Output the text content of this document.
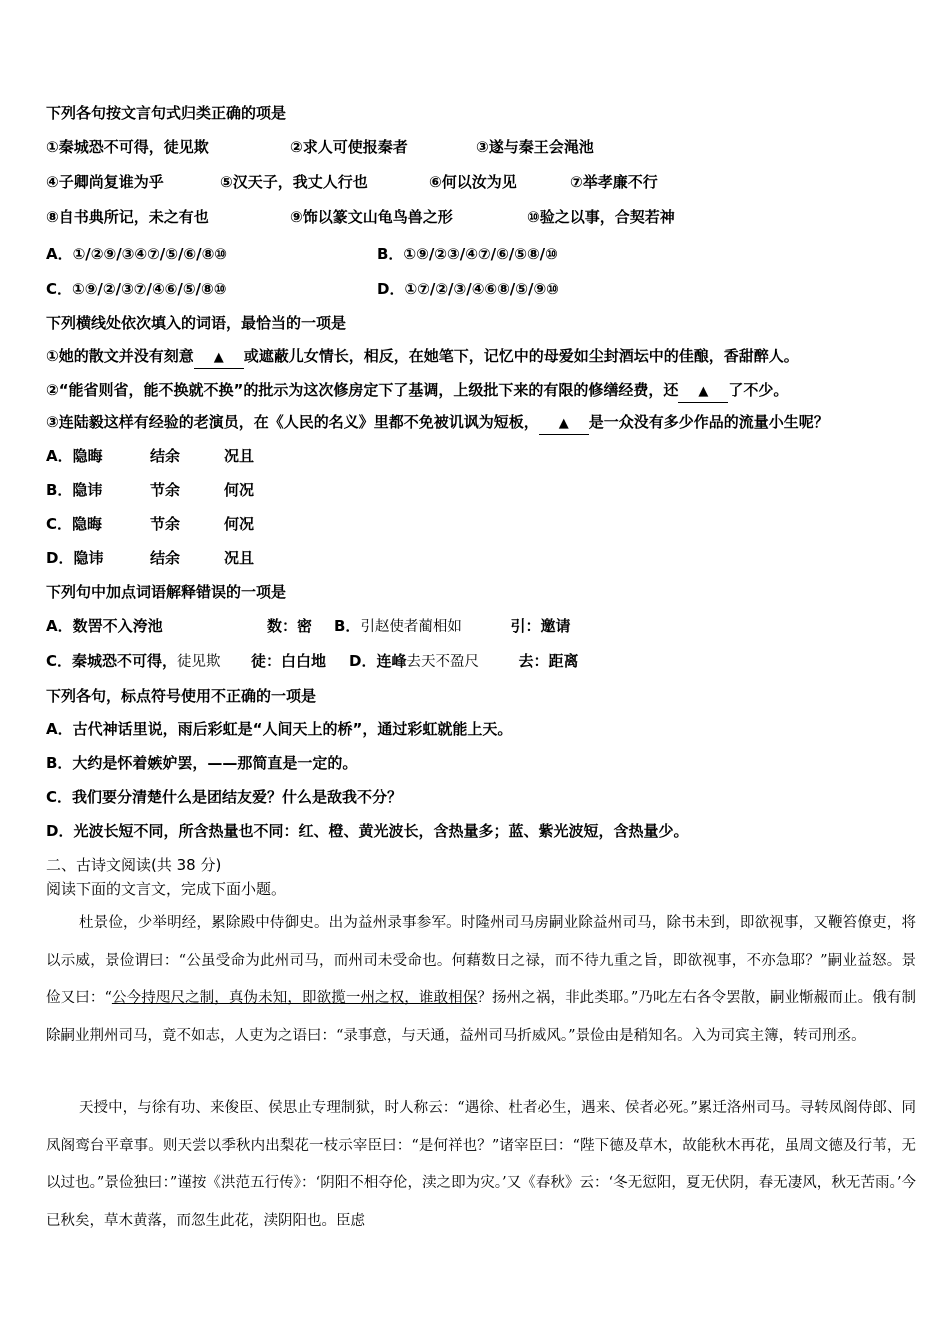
下列各句按文言句式归类正确的项是
①秦城恐不可得，徒见欺	②求人可使报秦者	③遂与秦王会渑池
④子卿尚复谁为乎	⑤汉天子，我丈人行也	⑥何以汝为见	⑦举孝廉不行
⑧自书典所记，未之有也	⑨饰以篆文山龟鸟兽之形	⑩验之以事，合契若神
A．①/②⑨/③④⑦/⑤/⑥/⑧⑩	B．①⑨/②③/④⑦/⑥/⑤⑧/⑩
C．①⑨/②/③⑦/④⑥/⑤/⑧⑩	D．①⑦/②/③/④⑥⑧/⑤/⑨⑩
下列横线处依次填入的词语，最恰当的一项是
①她的散文并没有刻意 ▲ 或遮蔽儿女情长，相反，在她笔下，记忆中的母爱如尘封酒坛中的佳酿，香甜醉人。
②“能省则省，能不换就不换”的批示为这次修房定下了基调，上级批下来的有限的修缮经费，还 ▲ 了不少。
③连陆毅这样有经验的老演员，在《人民的名义》里都不免被讥讽为短板， ▲ 是一众没有多少作品的流量小生呢？
A．隐晦	结余	况且
B．隐讳	节余	何况
C．隐晦	节余	何况
D．隐讳	结余	况且
下列句中加点词语解释错误的一项是
A．数罟不入洿池	数：密 B．引赵使者蔺相如	引：邀请
C．秦城恐不可得，徒见欺 徒：白白地 D．连峰去天不盈尺	去：距离
下列各句，标点符号使用不正确的一项是
A．古代神话里说，雨后彩虹是“人间天上的桥”，通过彩虹就能上天。
B．大约是怀着嫉妒罢，——那简直是一定的。
C．我们要分清楚什么是团结友爱？什么是敌我不分？
D．光波长短不同，所含热量也不同：红、橙、黄光波长，含热量多；蓝、紫光波短，含热量少。
二、古诗文阅读(共 38 分)
阅读下面的文言文，完成下面小题。
杜景俭，少举明经，累除殿中侍御史。出为益州录事参军。时隆州司马房嗣业除益州司马，除书未到，即欲视事，又鞭笞僚吏，将以示威，景俭谓曰：“公虽受命为此州司马，而州司未受命也。何藉数日之禄，而不待九重之旨，即欲视事，不亦急耶？”嗣业益怒。景俭又曰：“公今持咫尺之制，真伪未知，即欲揽一州之权，谁敢相保？扬州之祸，非此类耶。”乃叱左右各令罢散，嗣业惭赧而止。俄有制除嗣业荆州司马，竟不如志，人吏为之语曰：“录事意，与天通，益州司马折威风。”景俭由是稍知名。入为司宾主簿，转司刑丞。
天授中，与徐有功、来俊臣、侯思止专理制狱，时人称云：“遇徐、杜者必生，遇来、侯者必死。”累迁洛州司马。寻转凤阁侍郎、同凤阁鸾台平章事。则天尝以季秋内出梨花一枝示宰臣曰：“是何祥也？”诸宰臣曰：“陛下德及草木，故能秋木再花，虽周文德及行苇，无以过也。”景俭独曰：”谨按《洪范五行传》：‘阴阳不相夺伦，渎之即为灾。’又《春秋》云：‘冬无愆阳，夏无伏阴，春无凄风，秋无苦雨。’今已秋矣，草木黄落，而忽生此花，渎阴阳也。臣虑
